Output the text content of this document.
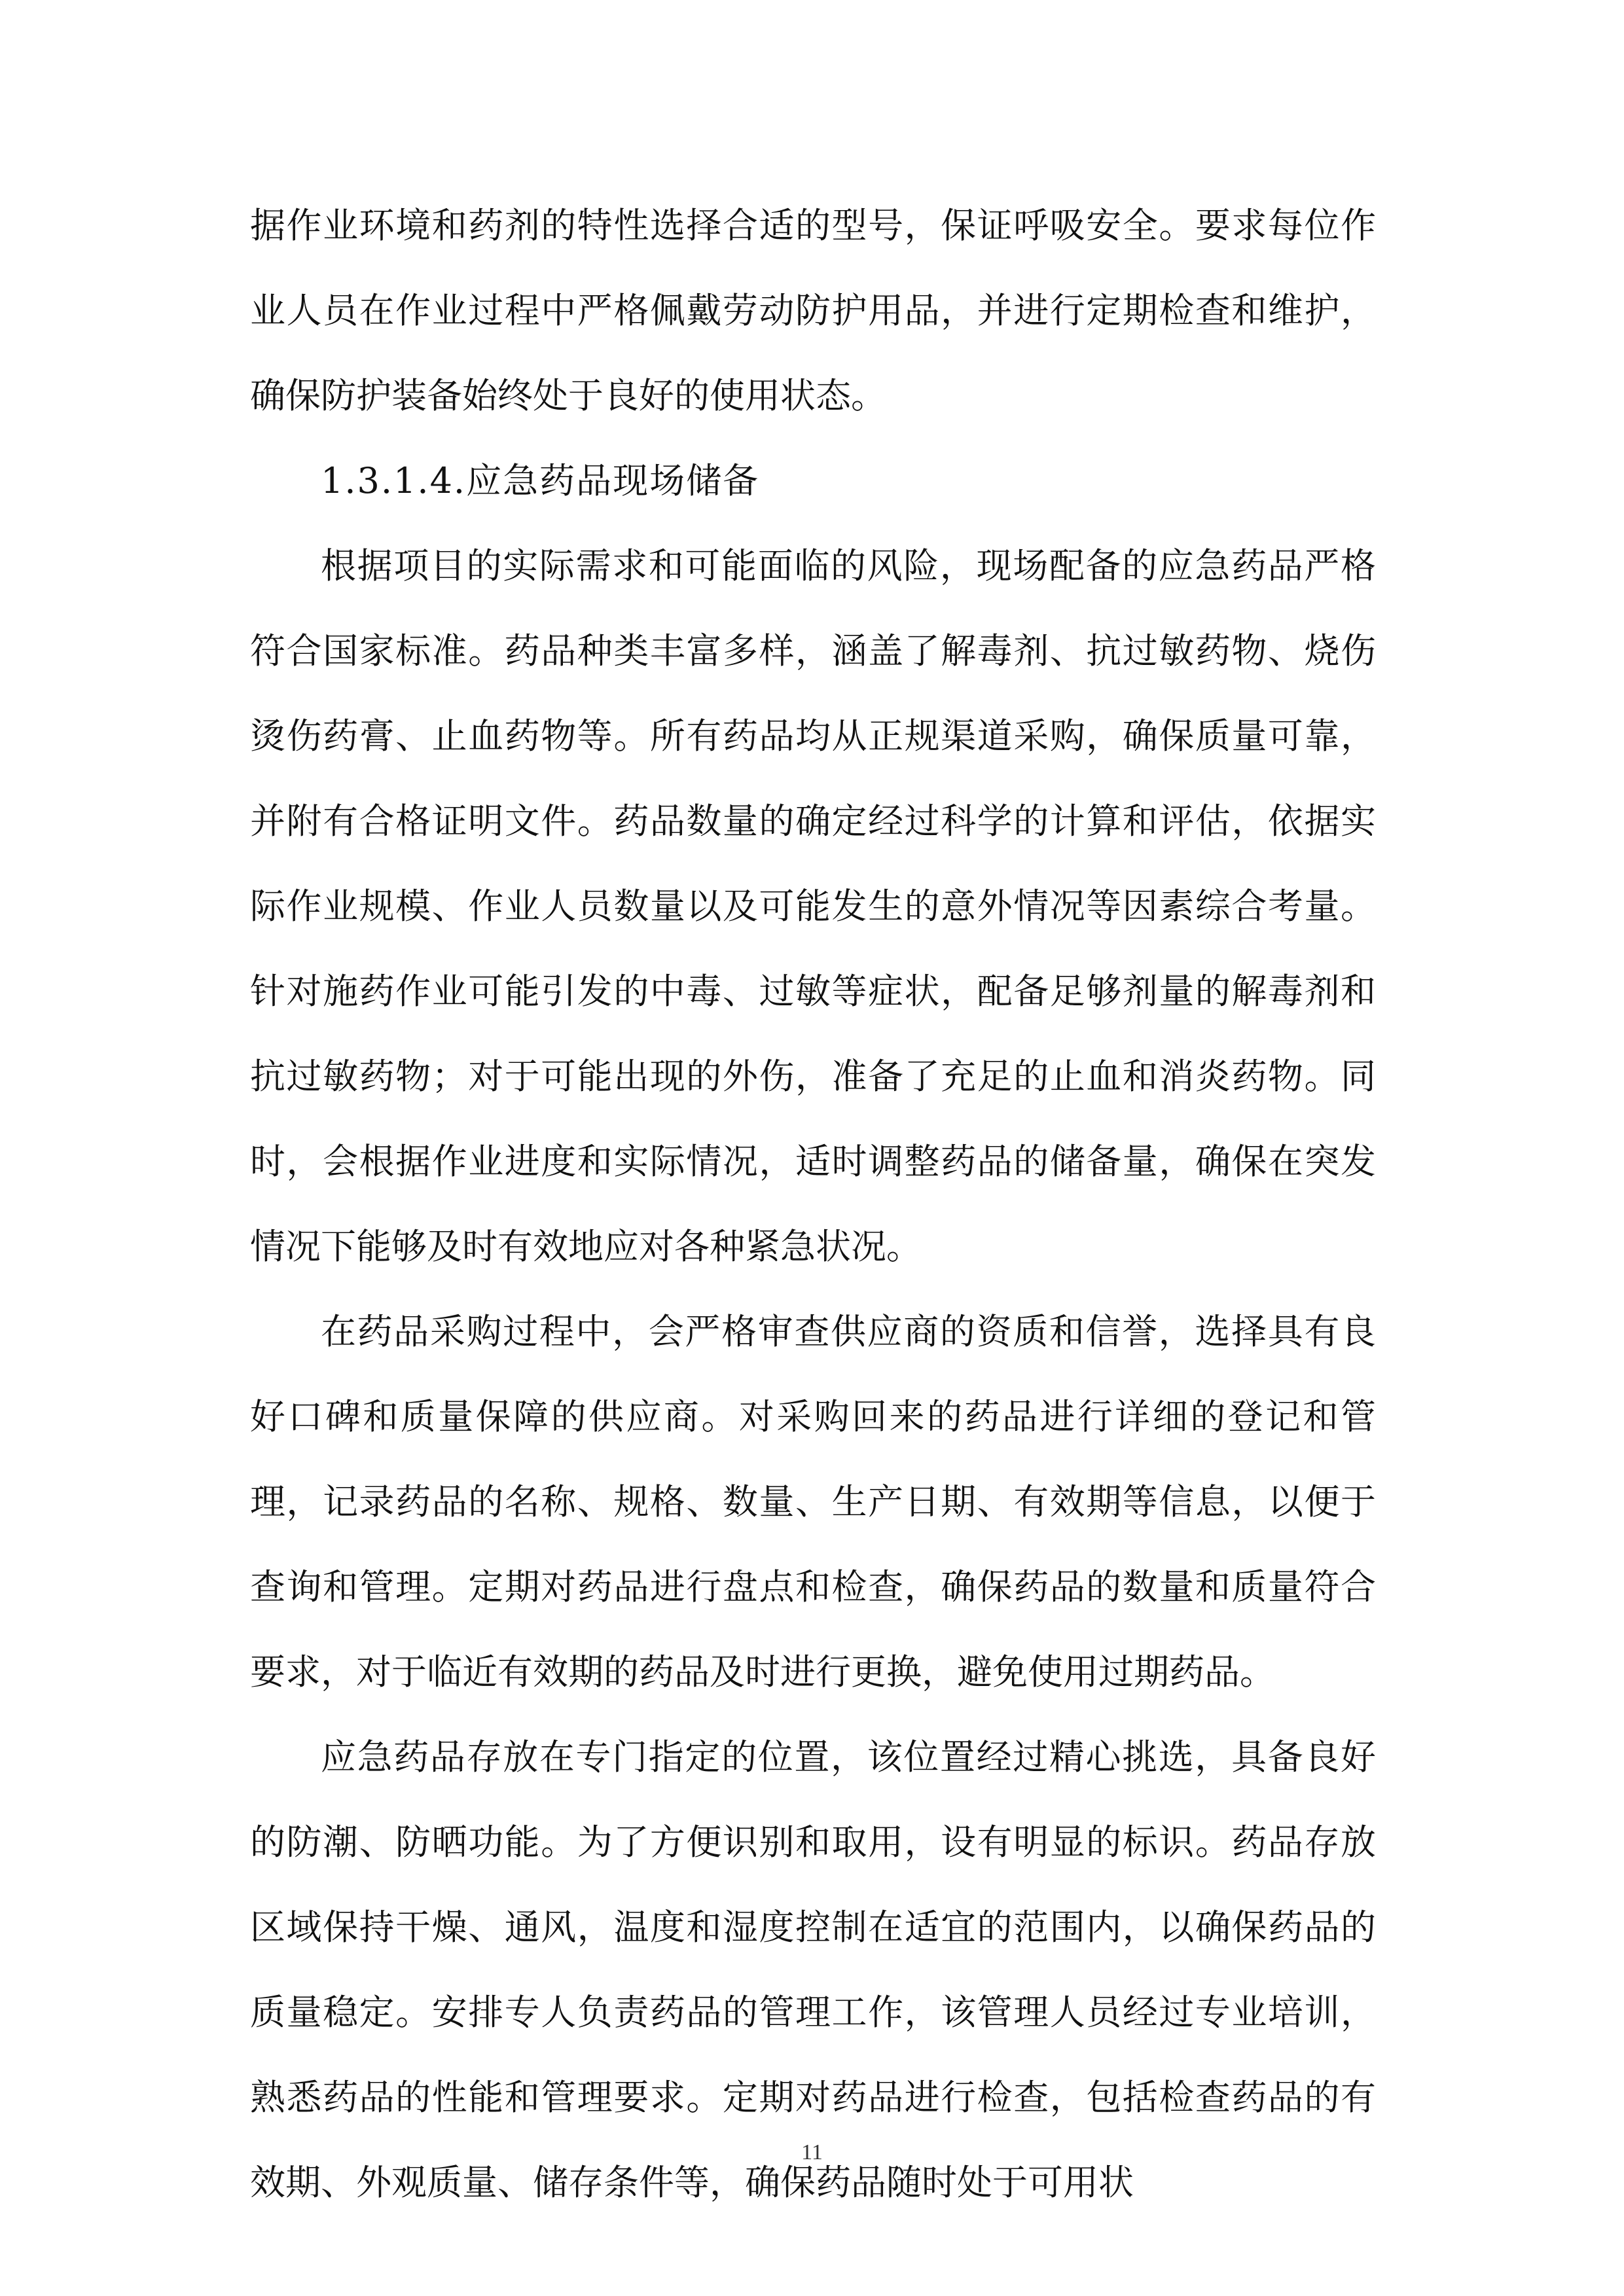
据作业环境和药剂的特性选择合适的型号，保证呼吸安全。要求每位作业人员在作业过程中严格佩戴劳动防护用品，并进行定期检查和维护，确保防护装备始终处于良好的使用状态。

1.3.1.4.应急药品现场储备

根据项目的实际需求和可能面临的风险，现场配备的应急药品严格符合国家标准。药品种类丰富多样，涵盖了解毒剂、抗过敏药物、烧伤烫伤药膏、止血药物等。所有药品均从正规渠道采购，确保质量可靠，并附有合格证明文件。药品数量的确定经过科学的计算和评估，依据实际作业规模、作业人员数量以及可能发生的意外情况等因素综合考量。针对施药作业可能引发的中毒、过敏等症状，配备足够剂量的解毒剂和抗过敏药物；对于可能出现的外伤，准备了充足的止血和消炎药物。同时，会根据作业进度和实际情况，适时调整药品的储备量，确保在突发情况下能够及时有效地应对各种紧急状况。

在药品采购过程中，会严格审查供应商的资质和信誉，选择具有良好口碑和质量保障的供应商。对采购回来的药品进行详细的登记和管理，记录药品的名称、规格、数量、生产日期、有效期等信息，以便于查询和管理。定期对药品进行盘点和检查，确保药品的数量和质量符合要求，对于临近有效期的药品及时进行更换，避免使用过期药品。

应急药品存放在专门指定的位置，该位置经过精心挑选，具备良好的防潮、防晒功能。为了方便识别和取用，设有明显的标识。药品存放区域保持干燥、通风，温度和湿度控制在适宜的范围内，以确保药品的质量稳定。安排专人负责药品的管理工作，该管理人员经过专业培训，熟悉药品的性能和管理要求。定期对药品进行检查，包括检查药品的有效期、外观质量、储存条件等，确保药品随时处于可用状

11
